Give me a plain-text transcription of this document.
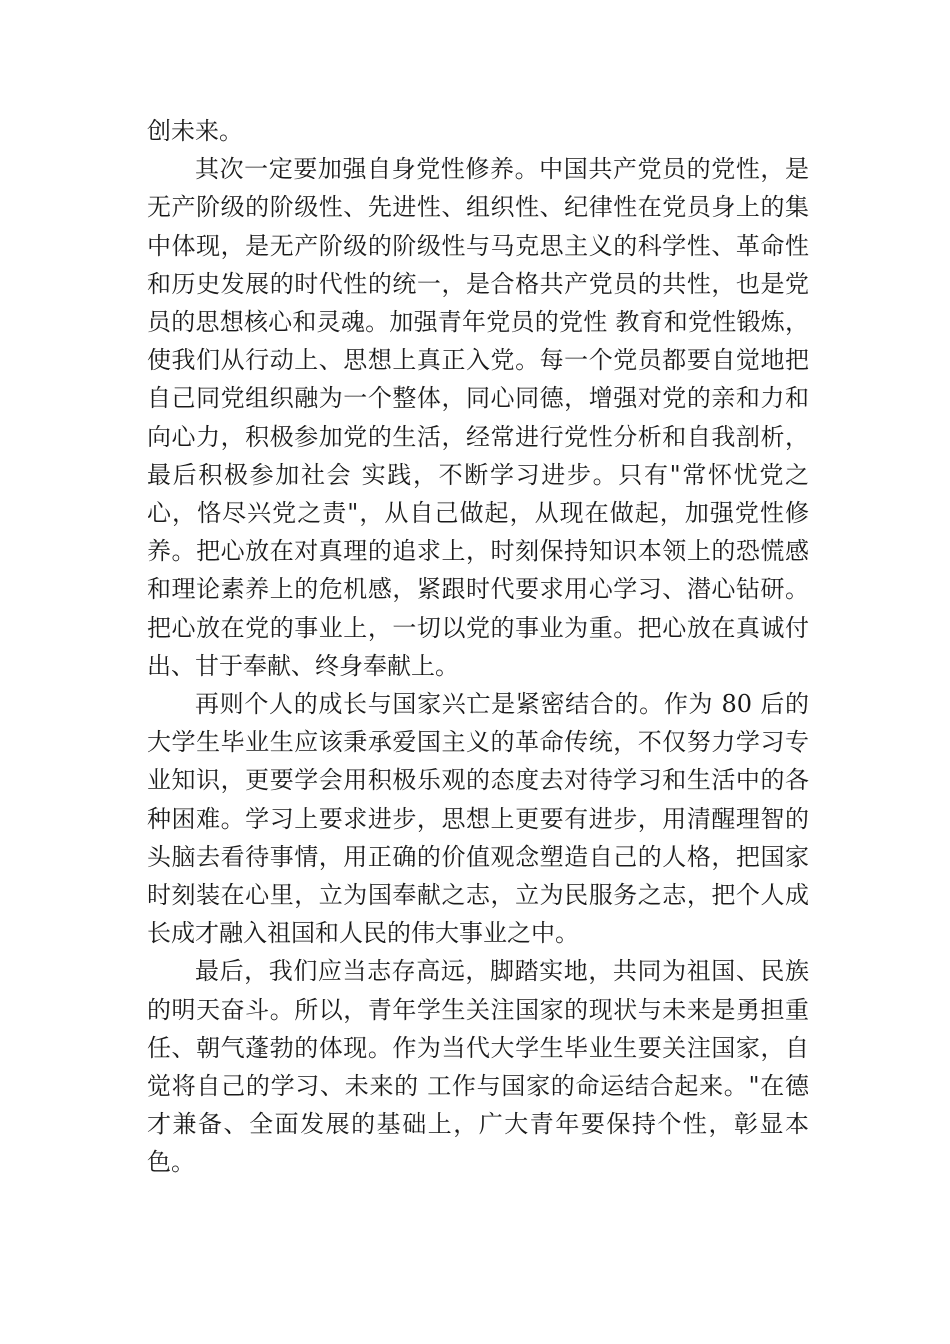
创未来。

其次一定要加强自身党性修养。中国共产党员的党性，是无产阶级的阶级性、先进性、组织性、纪律性在党员身上的集中体现，是无产阶级的阶级性与马克思主义的科学性、革命性和历史发展的时代性的统一，是合格共产党员的共性，也是党员的思想核心和灵魂。加强青年党员的党性 教育和党性锻炼，使我们从行动上、思想上真正入党。每一个党员都要自觉地把自己同党组织融为一个整体，同心同德，增强对党的亲和力和向心力，积极参加党的生活，经常进行党性分析和自我剖析，最后积极参加社会 实践，不断学习进步。只有"常怀忧党之心，恪尽兴党之责"，从自己做起，从现在做起，加强党性修养。把心放在对真理的追求上，时刻保持知识本领上的恐慌感和理论素养上的危机感，紧跟时代要求用心学习、潜心钻研。把心放在党的事业上，一切以党的事业为重。把心放在真诚付出、甘于奉献、终身奉献上。

再则个人的成长与国家兴亡是紧密结合的。作为 80 后的大学生毕业生应该秉承爱国主义的革命传统，不仅努力学习专业知识，更要学会用积极乐观的态度去对待学习和生活中的各种困难。学习上要求进步，思想上更要有进步，用清醒理智的头脑去看待事情，用正确的价值观念塑造自己的人格，把国家时刻装在心里，立为国奉献之志，立为民服务之志，把个人成长成才融入祖国和人民的伟大事业之中。

最后，我们应当志存高远，脚踏实地，共同为祖国、民族的明天奋斗。所以，青年学生关注国家的现状与未来是勇担重任、朝气蓬勃的体现。作为当代大学生毕业生要关注国家，自觉将自己的学习、未来的 工作与国家的命运结合起来。"在德才兼备、全面发展的基础上，广大青年要保持个性，彰显本色。
